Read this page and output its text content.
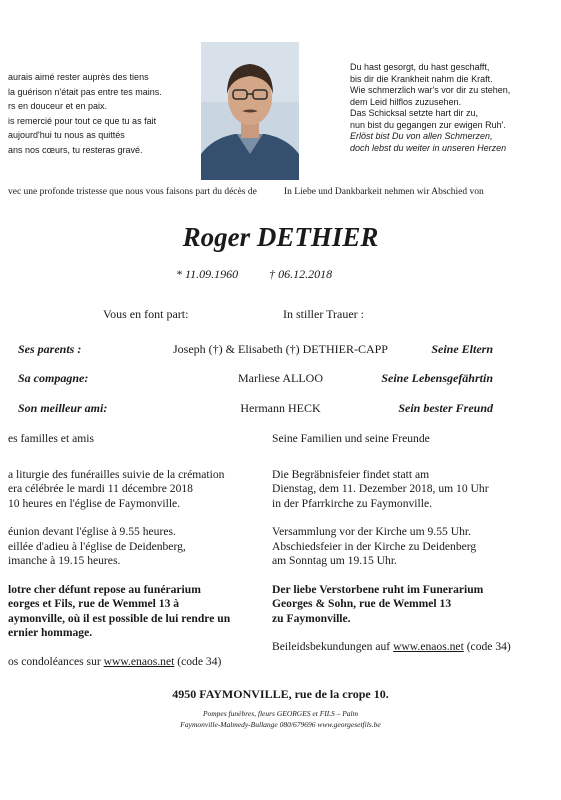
aurais aimé rester auprès des tiens
la guérison n'était pas entre tes mains.
rs en douceur et en paix.
is remercié pour tout ce que tu as fait
aujourd'hui tu nous as quittés
ans nos cœurs, tu resteras gravé.
Du hast gesorgt, du hast geschafft,
bis dir die Krankheit nahm die Kraft.
Wie schmerzlich war's vor dir zu stehen,
dem Leid hilflos zuzusehen.
Das Schicksal setzte hart dir zu,
nun bist du gegangen zur ewigen Ruh'.
Erlöst bist Du von allen Schmerzen,
doch lebst du weiter in unseren Herzen
vec une profonde tristesse que nous vous faisons part du décès de	In Liebe und Dankbarkeit nehmen wir Abschied von
Roger DETHIER
* 11.09.1960	† 06.12.2018
Vous en font part:	In stiller Trauer :
Ses parents :	Joseph (†) & Elisabeth (†) DETHIER-CAPP	Seine Eltern
Sa compagne:	Marliese ALLOO	Seine Lebensgefährtin
Son meilleur ami:	Hermann HECK	Sein bester Freund

es familles et amis

a liturgie des funérailles suivie de la crémation

era célébrée le mardi 11 décembre 2018

10 heures en l'église de Faymonville.

éunion devant l'église à 9.55 heures.

eillée d'adieu à l'église de Deidenberg,

imanche à 19.15 heures.

lotre cher défunt repose au funérarium

eorges et Fils, rue de Wemmel 13 à

aymonville, où il est possible de lui rendre un

ernier hommage.

os condoléances sur www.enaos.net (code 34)

Seine Familien und seine Freunde

Die Begräbnisfeier findet statt am

Dienstag, dem 11. Dezember 2018, um 10 Uhr

in der Pfarrkirche zu Faymonville.

Versammlung vor der Kirche um 9.55 Uhr.

Abschiedsfeier in der Kirche zu Deidenberg

am Sonntag um 19.15 Uhr.

Der liebe Verstorbene ruht im Funerarium

Georges & Sohn, rue de Wemmel 13

zu Faymonville.

Beileidsbekundungen auf www.enaos.net (code 34)

4950 FAYMONVILLE, rue de la crope 10.
Pompes funèbres, fleurs GEORGES et FILS – Palm
Faymonville-Malmedy-Bullange 080/679696 www.georgesetfils.be
